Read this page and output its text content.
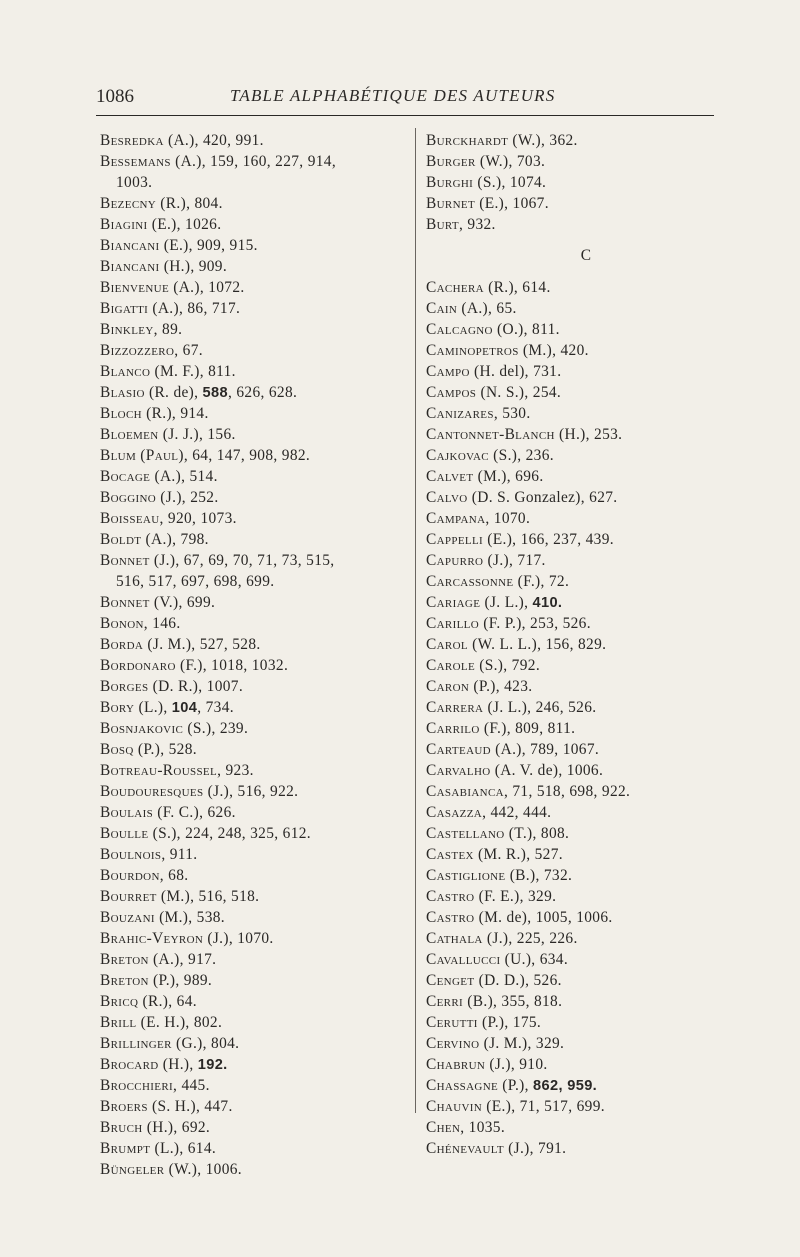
1086	TABLE ALPHABÉTIQUE DES AUTEURS
Besredka (A.), 420, 991.
Bessemans (A.), 159, 160, 227, 914,
1003.
Bezecny (R.), 804.
Biagini (E.), 1026.
Biancani (E.), 909, 915.
Biancani (H.), 909.
Bienvenue (A.), 1072.
Bigatti (A.), 86, 717.
Binkley, 89.
Bizzozzero, 67.
Blanco (M. F.), 811.
Blasio (R. de), 588, 626, 628.
Bloch (R.), 914.
Bloemen (J. J.), 156.
Blum (Paul), 64, 147, 908, 982.
Bocage (A.), 514.
Boggino (J.), 252.
Boisseau, 920, 1073.
Boldt (A.), 798.
Bonnet (J.), 67, 69, 70, 71, 73, 515,
516, 517, 697, 698, 699.
Bonnet (V.), 699.
Bonon, 146.
Borda (J. M.), 527, 528.
Bordonaro (F.), 1018, 1032.
Borges (D. R.), 1007.
Bory (L.), 104, 734.
Bosnjakovic (S.), 239.
Bosq (P.), 528.
Botreau-Roussel, 923.
Boudouresques (J.), 516, 922.
Boulais (F. C.), 626.
Boulle (S.), 224, 248, 325, 612.
Boulnois, 911.
Bourdon, 68.
Bourret (M.), 516, 518.
Bouzani (M.), 538.
Brahic-Veyron (J.), 1070.
Breton (A.), 917.
Breton (P.), 989.
Bricq (R.), 64.
Brill (E. H.), 802.
Brillinger (G.), 804.
Brocard (H.), 192.
Brocchieri, 445.
Broers (S. H.), 447.
Bruch (H.), 692.
Brumpt (L.), 614.
Büngeler (W.), 1006.
Burckhardt (W.), 362.
Burger (W.), 703.
Burghi (S.), 1074.
Burnet (E.), 1067.
Burt, 932.
C
Cachera (R.), 614.
Cain (A.), 65.
Calcagno (O.), 811.
Caminopetros (M.), 420.
Campo (H. del), 731.
Campos (N. S.), 254.
Canizares, 530.
Cantonnet-Blanch (H.), 253.
Cajkovac (S.), 236.
Calvet (M.), 696.
Calvo (D. S. Gonzalez), 627.
Campana, 1070.
Cappelli (E.), 166, 237, 439.
Capurro (J.), 717.
Carcassonne (F.), 72.
Cariage (J. L.), 410.
Carillo (F. P.), 253, 526.
Carol (W. L. L.), 156, 829.
Carole (S.), 792.
Caron (P.), 423.
Carrera (J. L.), 246, 526.
Carrilo (F.), 809, 811.
Carteaud (A.), 789, 1067.
Carvalho (A. V. de), 1006.
Casabianca, 71, 518, 698, 922.
Casazza, 442, 444.
Castellano (T.), 808.
Castex (M. R.), 527.
Castiglione (B.), 732.
Castro (F. E.), 329.
Castro (M. de), 1005, 1006.
Cathala (J.), 225, 226.
Cavallucci (U.), 634.
Cenget (D. D.), 526.
Cerri (B.), 355, 818.
Cerutti (P.), 175.
Cervino (J. M.), 329.
Chabrun (J.), 910.
Chassagne (P.), 862, 959.
Chauvin (E.), 71, 517, 699.
Chen, 1035.
Chénevault (J.), 791.
